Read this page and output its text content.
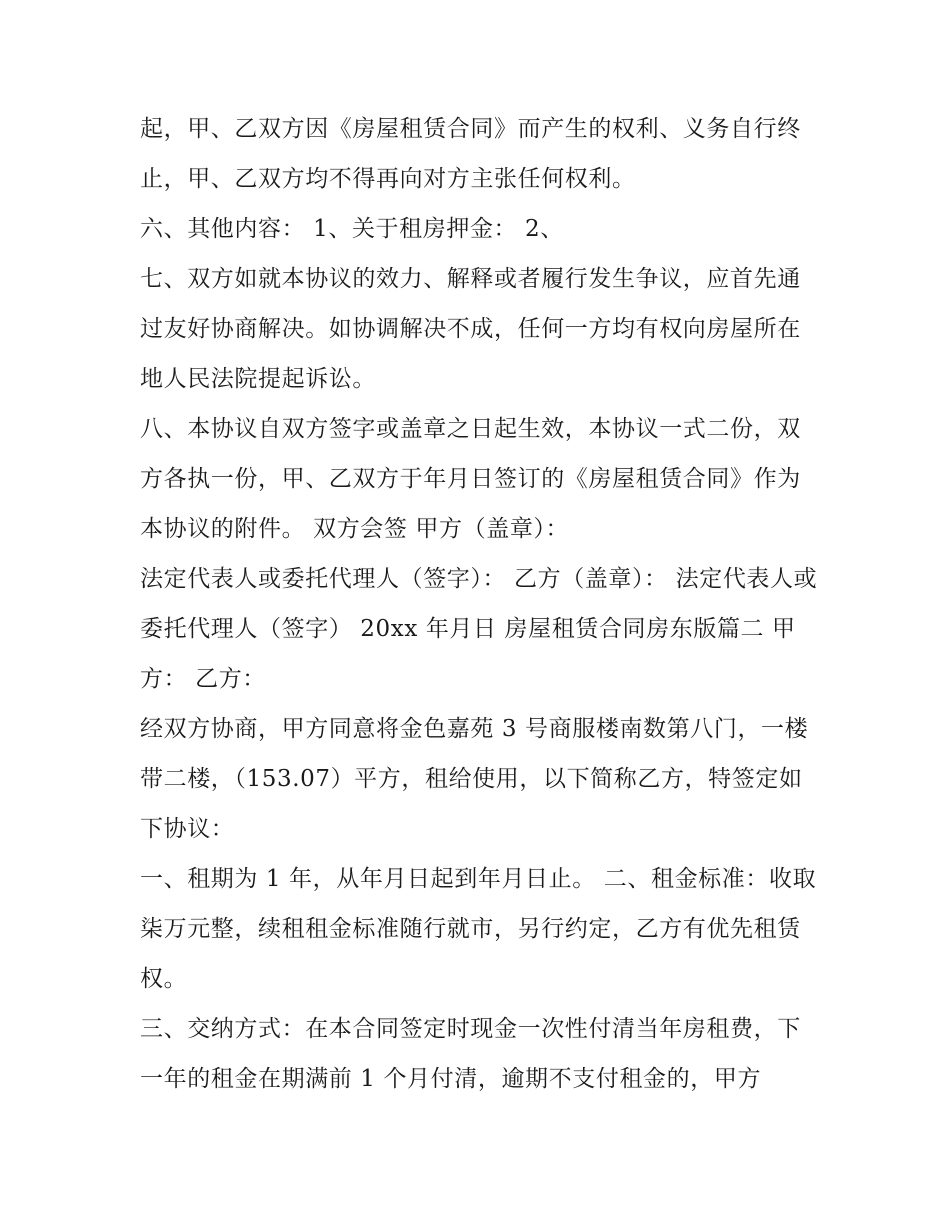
起，甲、乙双方因《房屋租赁合同》而产生的权利、义务自行终止，甲、乙双方均不得再向对方主张任何权利。

六、其他内容： 1、关于租房押金： 2、

七、双方如就本协议的效力、解释或者履行发生争议，应首先通过友好协商解决。如协调解决不成，任何一方均有权向房屋所在地人民法院提起诉讼。

八、本协议自双方签字或盖章之日起生效，本协议一式二份，双方各执一份，甲、乙双方于年月日签订的《房屋租赁合同》作为本协议的附件。 双方会签 甲方（盖章）：

法定代表人或委托代理人（签字）： 乙方（盖章）： 法定代表人或委托代理人（签字） 20xx 年月日 房屋租赁合同房东版篇二 甲方： 乙方：

经双方协商，甲方同意将金色嘉苑 3 号商服楼南数第八门，一楼带二楼，（153.07）平方，租给使用，以下简称乙方，特签定如下协议：

一、租期为 1 年，从年月日起到年月日止。 二、租金标准：收取柒万元整，续租租金标准随行就市，另行约定，乙方有优先租赁权。

三、交纳方式：在本合同签定时现金一次性付清当年房租费，下一年的租金在期满前 1 个月付清，逾期不支付租金的，甲方
